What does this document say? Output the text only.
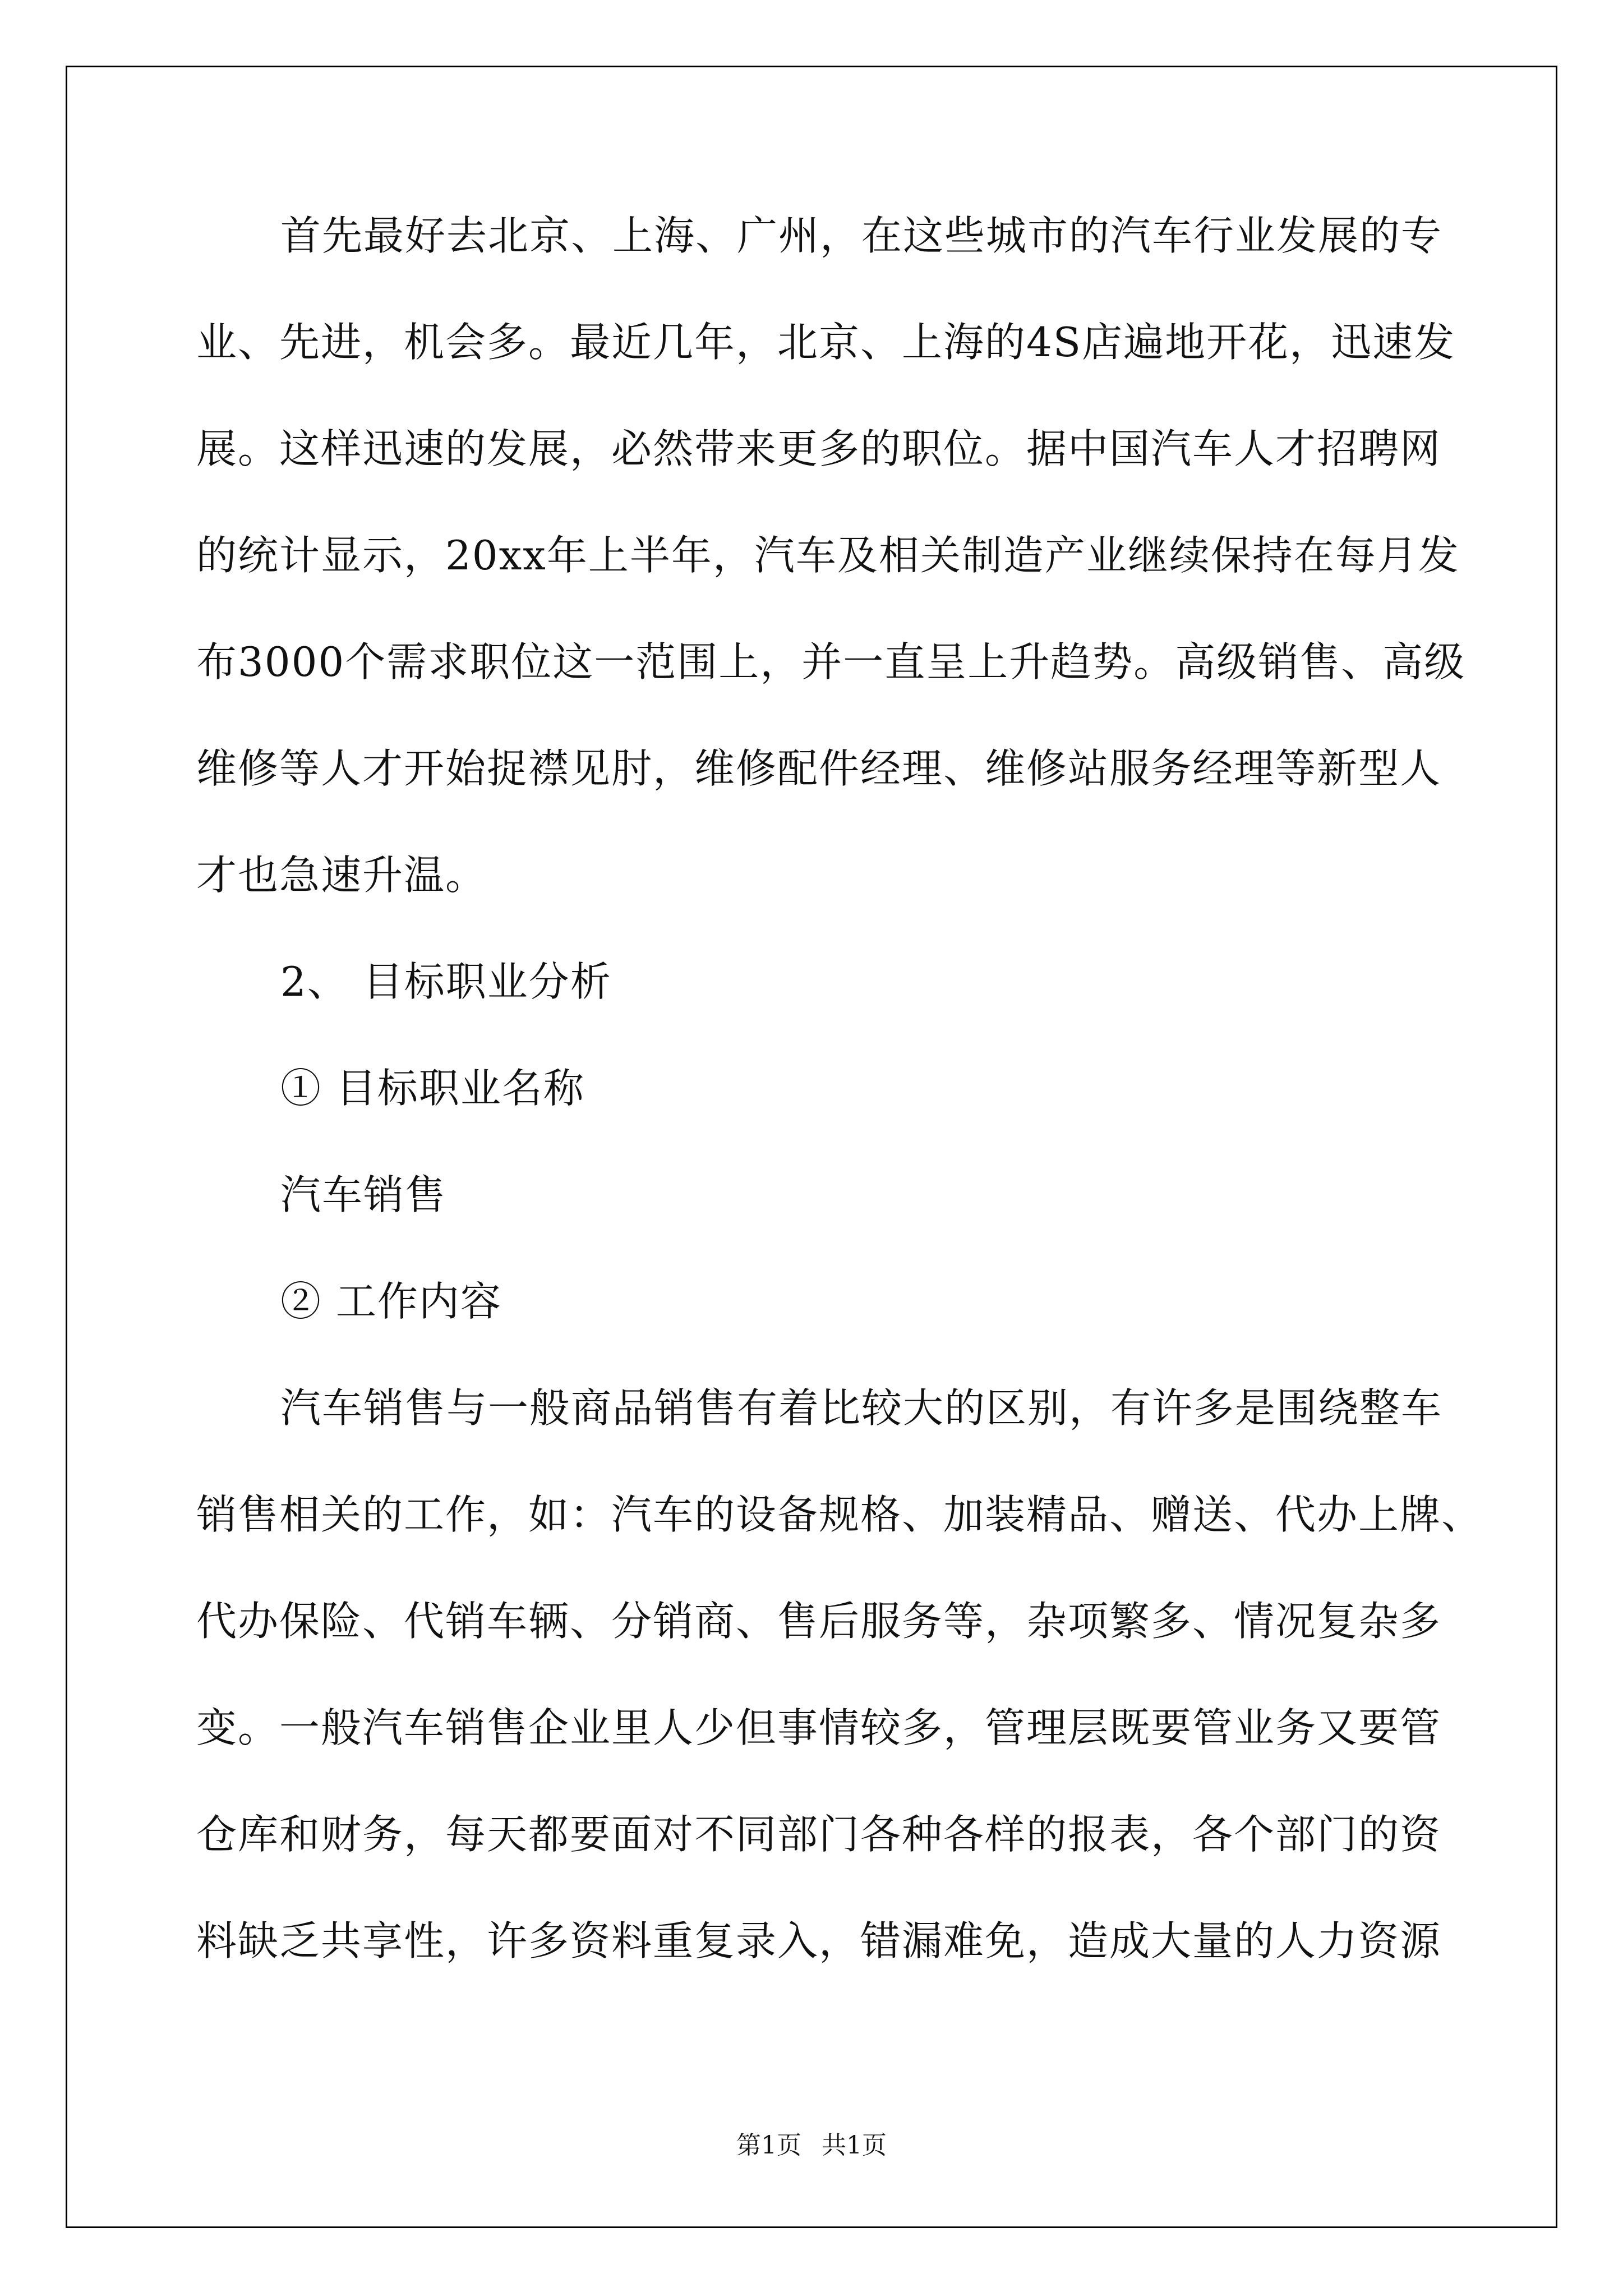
首先最好去北京、上海、广州，在这些城市的汽车行业发展的专
业、先进，机会多。最近几年，北京、上海的4S店遍地开花，迅速发
展。这样迅速的发展，必然带来更多的职位。据中国汽车人才招聘网
的统计显示，20xx年上半年，汽车及相关制造产业继续保持在每月发
布3000个需求职位这一范围上，并一直呈上升趋势。高级销售、高级
维修等人才开始捉襟见肘，维修配件经理、维修站服务经理等新型人
才也急速升温。
2、 目标职业分析
① 目标职业名称
汽车销售
② 工作内容
汽车销售与一般商品销售有着比较大的区别，有许多是围绕整车
销售相关的工作，如：汽车的设备规格、加装精品、赠送、代办上牌、
代办保险、代销车辆、分销商、售后服务等，杂项繁多、情况复杂多
变。一般汽车销售企业里人少但事情较多，管理层既要管业务又要管
仓库和财务，每天都要面对不同部门各种各样的报表，各个部门的资
料缺乏共享性，许多资料重复录入，错漏难免，造成大量的人力资源
第1页 共1页
